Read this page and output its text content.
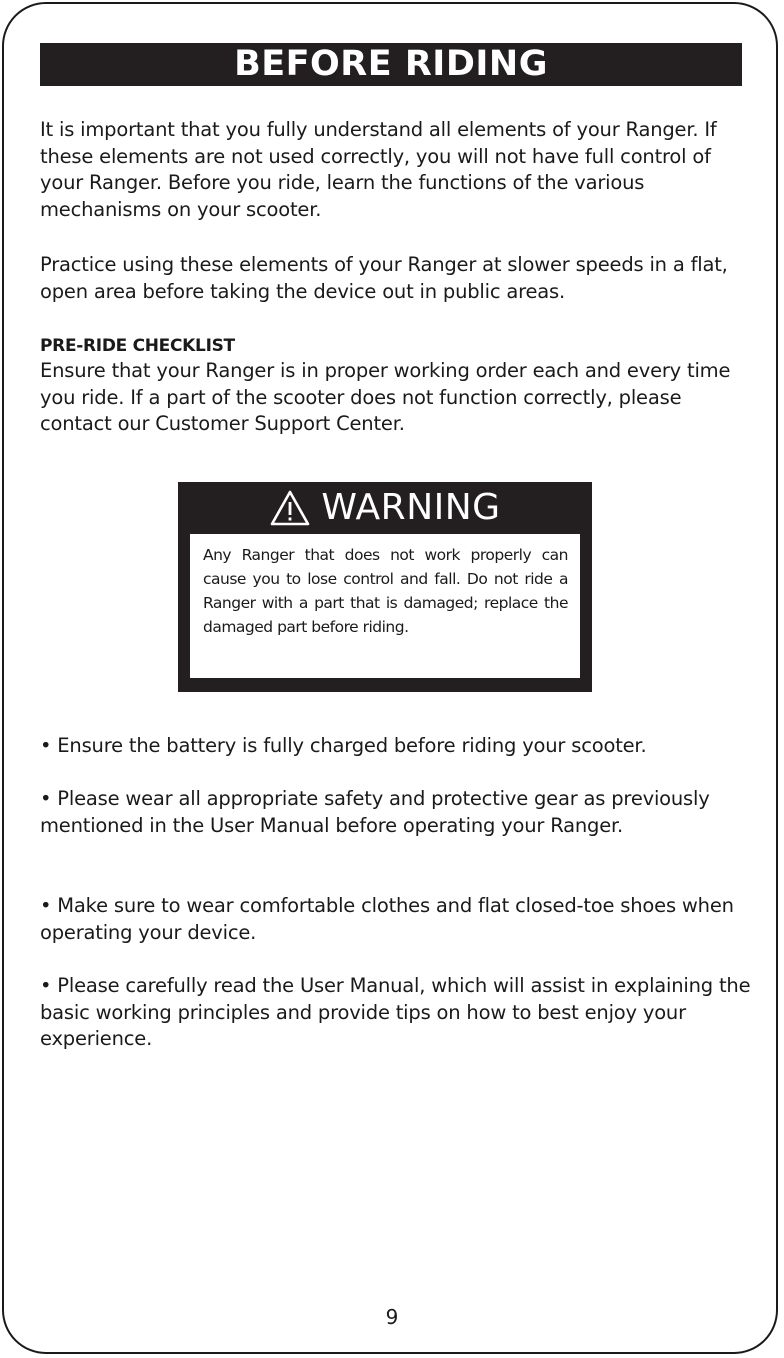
BEFORE RIDING

It is important that you fully understand all elements of your Ranger. If these elements are not used correctly, you will not have full control of your Ranger. Before you ride, learn the functions of the various mechanisms on your scooter.

Practice using these elements of your Ranger at slower speeds in a flat, open area before taking the device out in public areas.

PRE-RIDE CHECKLIST

Ensure that your Ranger is in proper working order each and every time you ride. If a part of the scooter does not function correctly, please contact our Customer Support Center.

WARNING

Any Ranger that does not work properly can cause you to lose control and fall. Do not ride a Ranger with a part that is damaged; replace the damaged part before riding.

• Ensure the battery is fully charged before riding your scooter.

• Please wear all appropriate safety and protective gear as previously mentioned in the User Manual before operating your Ranger.

• Make sure to wear comfortable clothes and flat closed-toe shoes when operating your device.

• Please carefully read the User Manual, which will assist in explaining the basic working principles and provide tips on how to best enjoy your experience.

9
